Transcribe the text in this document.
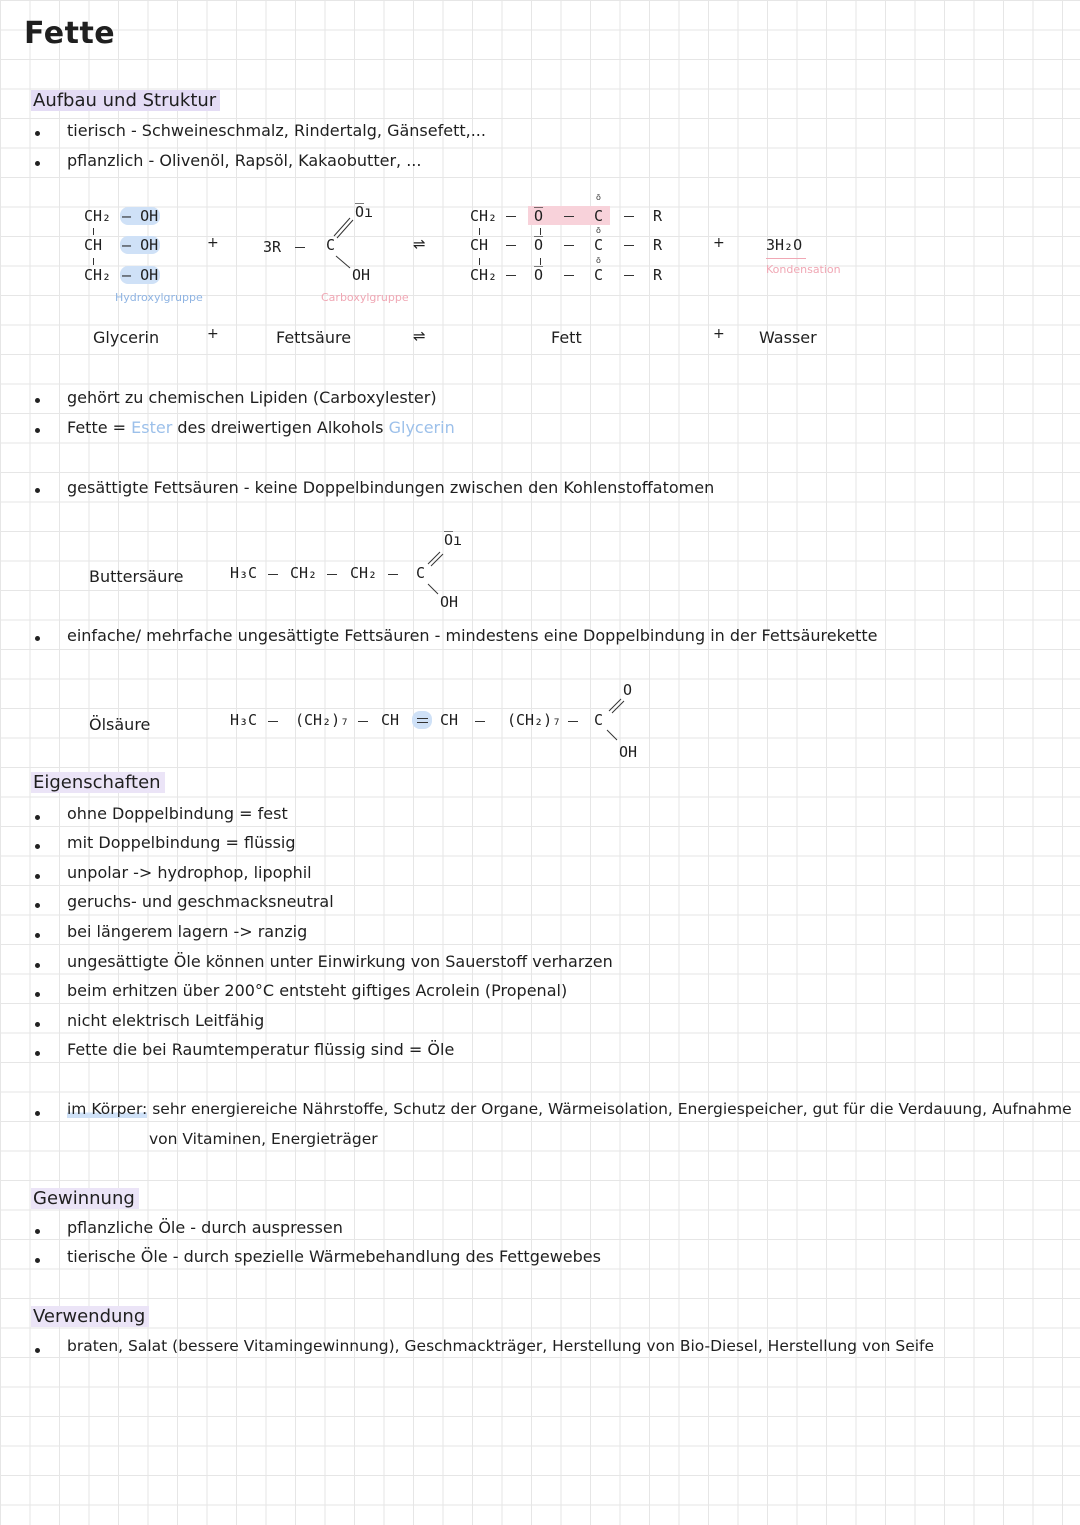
Fette
Aufbau und Struktur
tierisch - Schweineschmalz, Rindertalg, Gänsefett,...
pflanzlich - Olivenöl, Rapsöl, Kakaobutter, ...
CH₂
CH
CH₂
– OH
– OH
– OH
Hydroxylgruppe
+	3R	C
O̅ı
OH
Carboxylgruppe
⇌
CH₂
CH
CH₂
O̅
O̅
O̅
C
C
C
ō
ō
ō
R
R
R
+	3H₂O
Kondensation
Glycerin	+	Fettsäure	⇌	Fett	+ Wasser
gehört zu chemischen Lipiden (Carboxylester)
Fette = Ester des dreiwertigen Alkohols Glycerin
gesättigte Fettsäuren - keine Doppelbindungen zwischen den Kohlenstoffatomen
Buttersäure	H₃C CH₂ CH₂	C
O̅ı
OH
einfache/ mehrfache ungesättigte Fettsäuren - mindestens eine Doppelbindung in der Fettsäurekette
Ölsäure	H₃C	(CH₂)₇ CH	CH	(CH₂)₇ C
O
OH
Eigenschaften
ohne Doppelbindung = fest
mit Doppelbindung = flüssig
unpolar -> hydrophop, lipophil
geruchs- und geschmacksneutral
bei längerem lagern -> ranzig
ungesättigte Öle können unter Einwirkung von Sauerstoff verharzen
beim erhitzen über 200°C entsteht giftiges Acrolein (Propenal)
nicht elektrisch Leitfähig
Fette die bei Raumtemperatur flüssig sind = Öle
im Körper: sehr energiereiche Nährstoffe, Schutz der Organe, Wärmeisolation, Energiespeicher, gut für die Verdauung, Aufnahme
von Vitaminen, Energieträger
Gewinnung
pflanzliche Öle - durch auspressen
tierische Öle - durch spezielle Wärmebehandlung des Fettgewebes
Verwendung
braten, Salat (bessere Vitamingewinnung), Geschmackträger, Herstellung von Bio-Diesel, Herstellung von Seife
